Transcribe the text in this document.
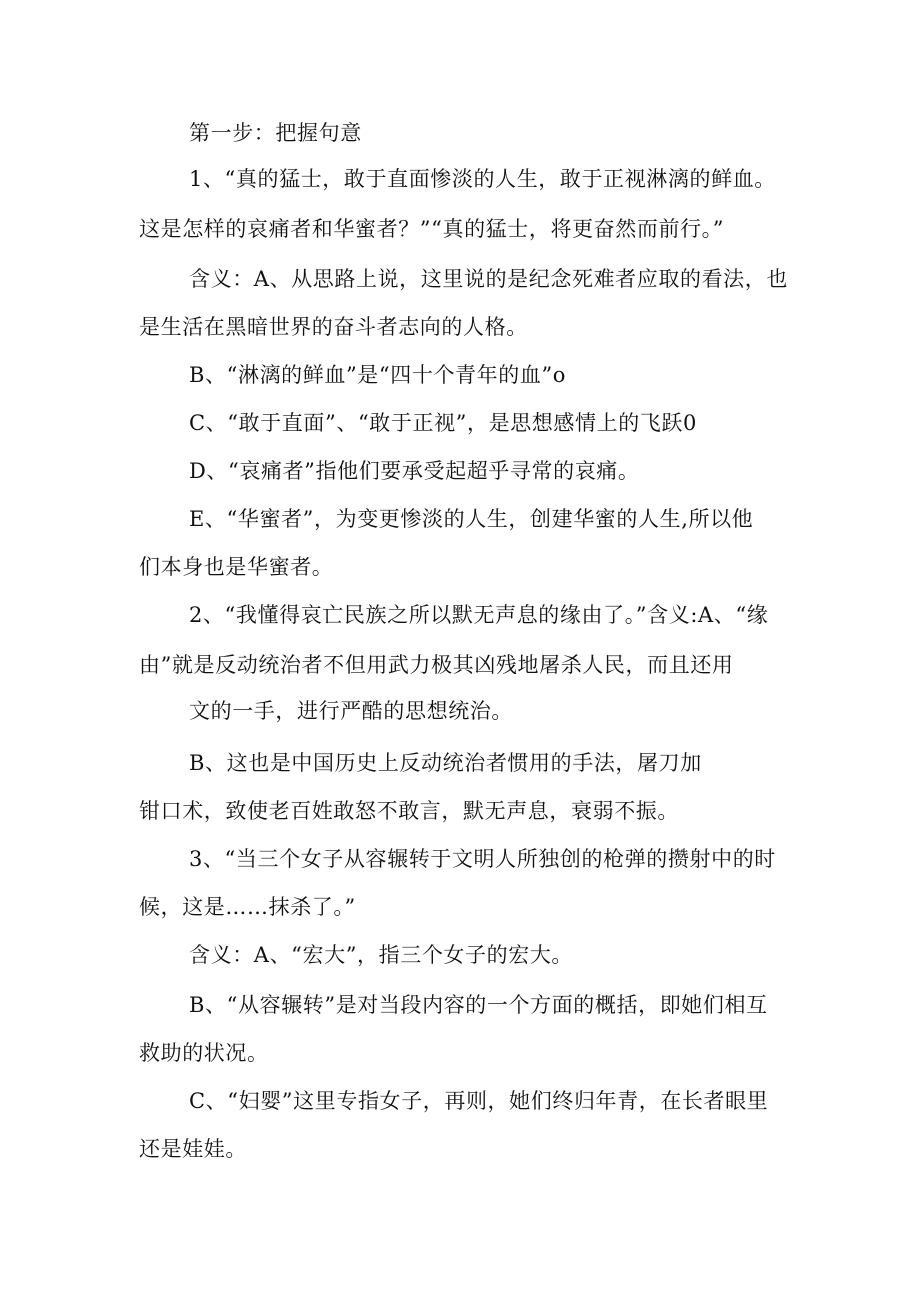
第一步：把握句意
1、“真的猛士，敢于直面惨淡的人生，敢于正视淋漓的鲜血。
这是怎样的哀痛者和华蜜者？”“真的猛士，将更奋然而前行。”
含义：A、从思路上说，这里说的是纪念死难者应取的看法，也
是生活在黑暗世界的奋斗者志向的人格。
B、“淋漓的鲜血”是“四十个青年的血”o
C、“敢于直面”、“敢于正视”，是思想感情上的飞跃0
D、“哀痛者”指他们要承受起超乎寻常的哀痛。
E、“华蜜者”，为变更惨淡的人生，创建华蜜的人生,所以他
们本身也是华蜜者。
2、“我懂得哀亡民族之所以默无声息的缘由了。”含义:A、“缘
由”就是反动统治者不但用武力极其凶残地屠杀人民，而且还用
文的一手，进行严酷的思想统治。
B、这也是中国历史上反动统治者惯用的手法，屠刀加
钳口术，致使老百姓敢怒不敢言，默无声息，衰弱不振。
3、“当三个女子从容辗转于文明人所独创的枪弹的攒射中的时
候，这是……抹杀了。”
含义：A、“宏大”，指三个女子的宏大。
B、“从容辗转”是对当段内容的一个方面的概括，即她们相互
救助的状况。
C、“妇婴”这里专指女子，再则，她们终归年青，在长者眼里
还是娃娃。
